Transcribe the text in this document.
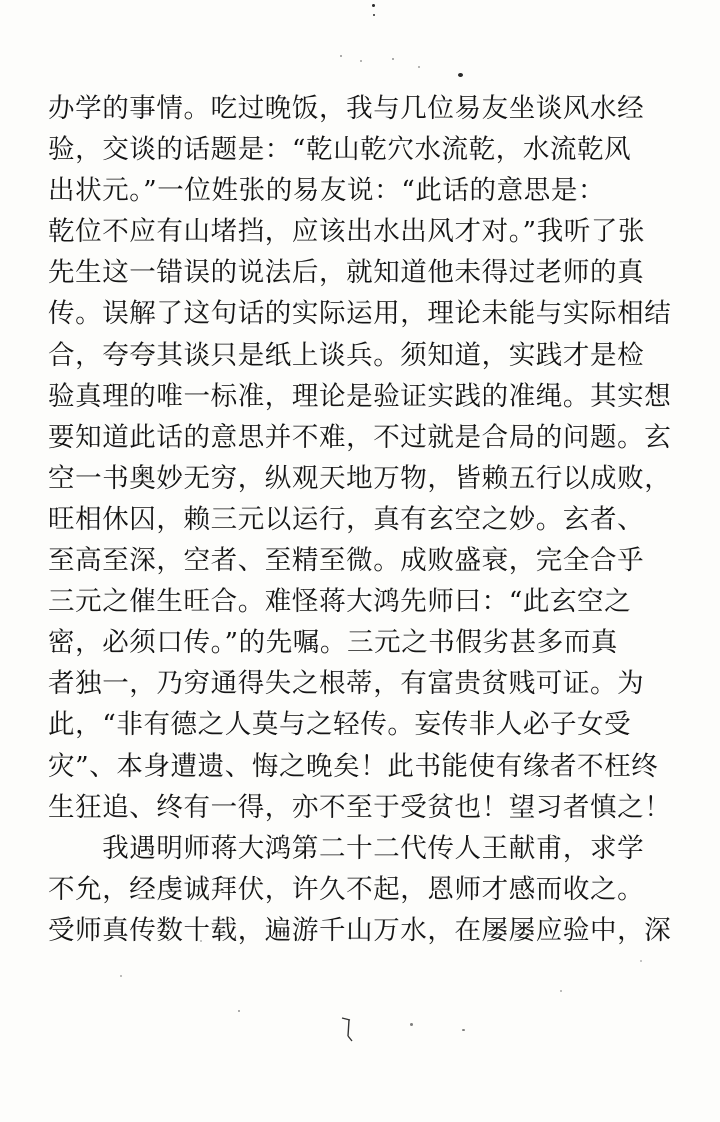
办学的事情。吃过晚饭，我与几位易友坐谈风水经
验，交谈的话题是：“乾山乾穴水流乾，水流乾风
出状元。”一位姓张的易友说：“此话的意思是：
乾位不应有山堵挡，应该出水出风才对。”我听了张
先生这一错误的说法后，就知道他未得过老师的真
传。误解了这句话的实际运用，理论未能与实际相结
合，夸夸其谈只是纸上谈兵。须知道，实践才是检
验真理的唯一标准，理论是验证实践的准绳。其实想
要知道此话的意思并不难，不过就是合局的问题。玄
空一书奥妙无穷，纵观天地万物，皆赖五行以成败，
旺相休囚，赖三元以运行，真有玄空之妙。玄者、
至高至深，空者、至精至微。成败盛衰，完全合乎
三元之催生旺合。难怪蒋大鸿先师曰：“此玄空之
密，必须口传。”的先嘱。三元之书假劣甚多而真
者独一，乃穷通得失之根蒂，有富贵贫贱可证。为
此，“非有德之人莫与之轻传。妄传非人必子女受
灾”、本身遭遗、悔之晚矣！此书能使有缘者不枉终
生狂追、终有一得，亦不至于受贫也！望习者慎之！
　　我遇明师蒋大鸿第二十二代传人王献甫，求学
不允，经虔诚拜伏，许久不起，恩师才感而收之。
受师真传数十载，遍游千山万水，在屡屡应验中，深
